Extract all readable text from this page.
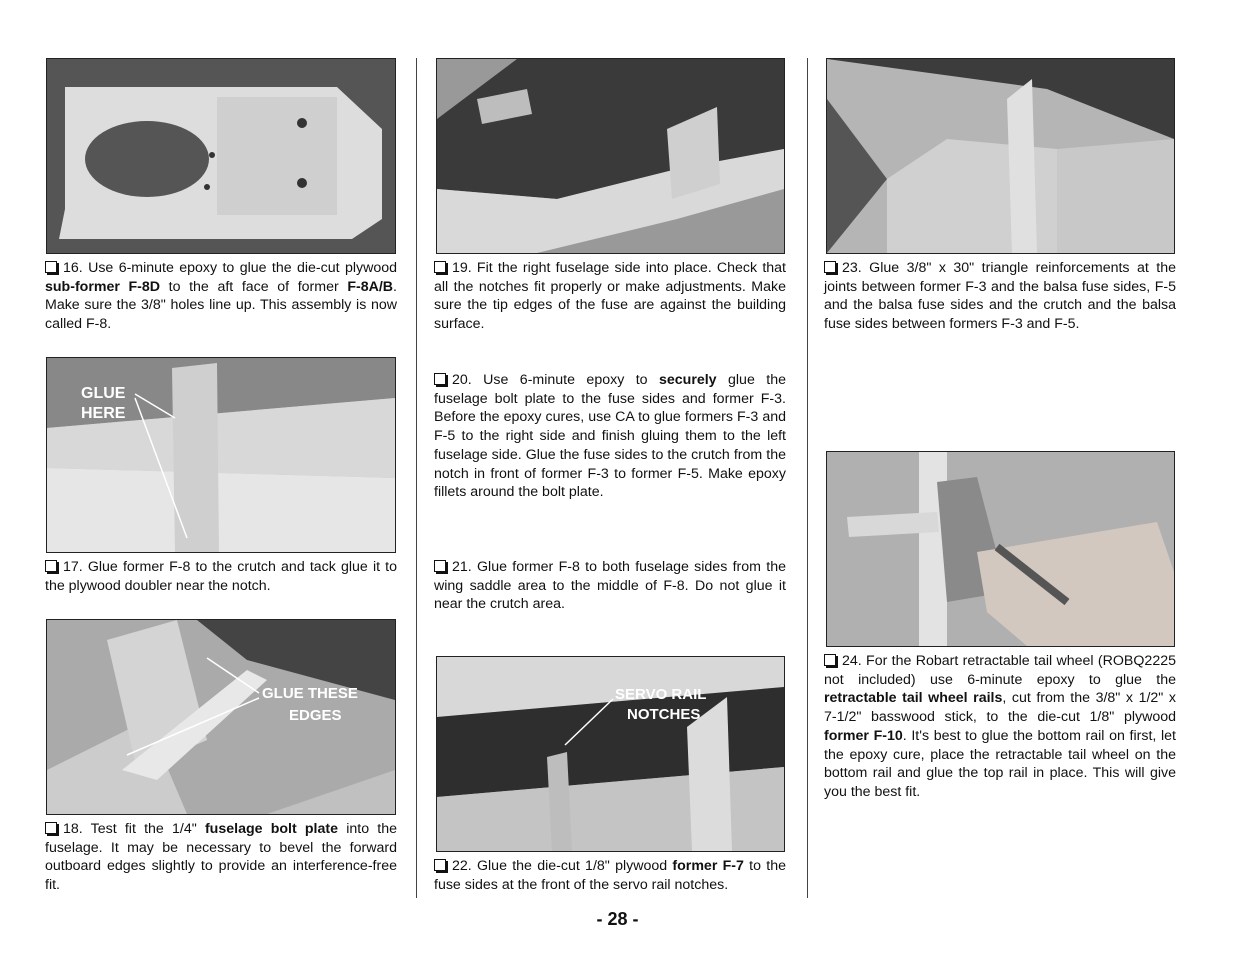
16. Use 6-minute epoxy to glue the die-cut plywood sub-former F-8D to the aft face of former F-8A/B. Make sure the 3/8" holes line up. This assembly is now called F-8.
GLUE
HERE
17. Glue former F-8 to the crutch and tack glue it to the plywood doubler near the notch.
GLUE THESE
EDGES
18. Test fit the 1/4" fuselage bolt plate into the fuselage. It may be necessary to bevel the forward outboard edges slightly to provide an interference-free fit.
19. Fit the right fuselage side into place. Check that all the notches fit properly or make adjustments. Make sure the tip edges of the fuse are against the building surface.
20. Use 6-minute epoxy to securely glue the fuselage bolt plate to the fuse sides and former F-3. Before the epoxy cures, use CA to glue formers F-3 and F-5 to the right side and finish gluing them to the left fuselage side. Glue the fuse sides to the crutch from the notch in front of former F-3 to former F-5. Make epoxy fillets around the bolt plate.
21. Glue former F-8 to both fuselage sides from the wing saddle area to the middle of F-8. Do not glue it near the crutch area.
SERVO RAIL
NOTCHES
22. Glue the die-cut 1/8" plywood former F-7 to the fuse sides at the front of the servo rail notches.
23. Glue 3/8" x 30" triangle reinforcements at the joints between former F-3 and the balsa fuse sides, F-5 and the balsa fuse sides and the crutch and the balsa fuse sides between formers F-3 and F-5.
24. For the Robart retractable tail wheel (ROBQ2225 not included) use 6-minute epoxy to glue the retractable tail wheel rails, cut from the 3/8" x 1/2" x 7-1/2" basswood stick, to the die-cut 1/8" plywood former F-10. It's best to glue the bottom rail on first, let the epoxy cure, place the retractable tail wheel on the bottom rail and glue the top rail in place. This will give you the best fit.
- 28 -
